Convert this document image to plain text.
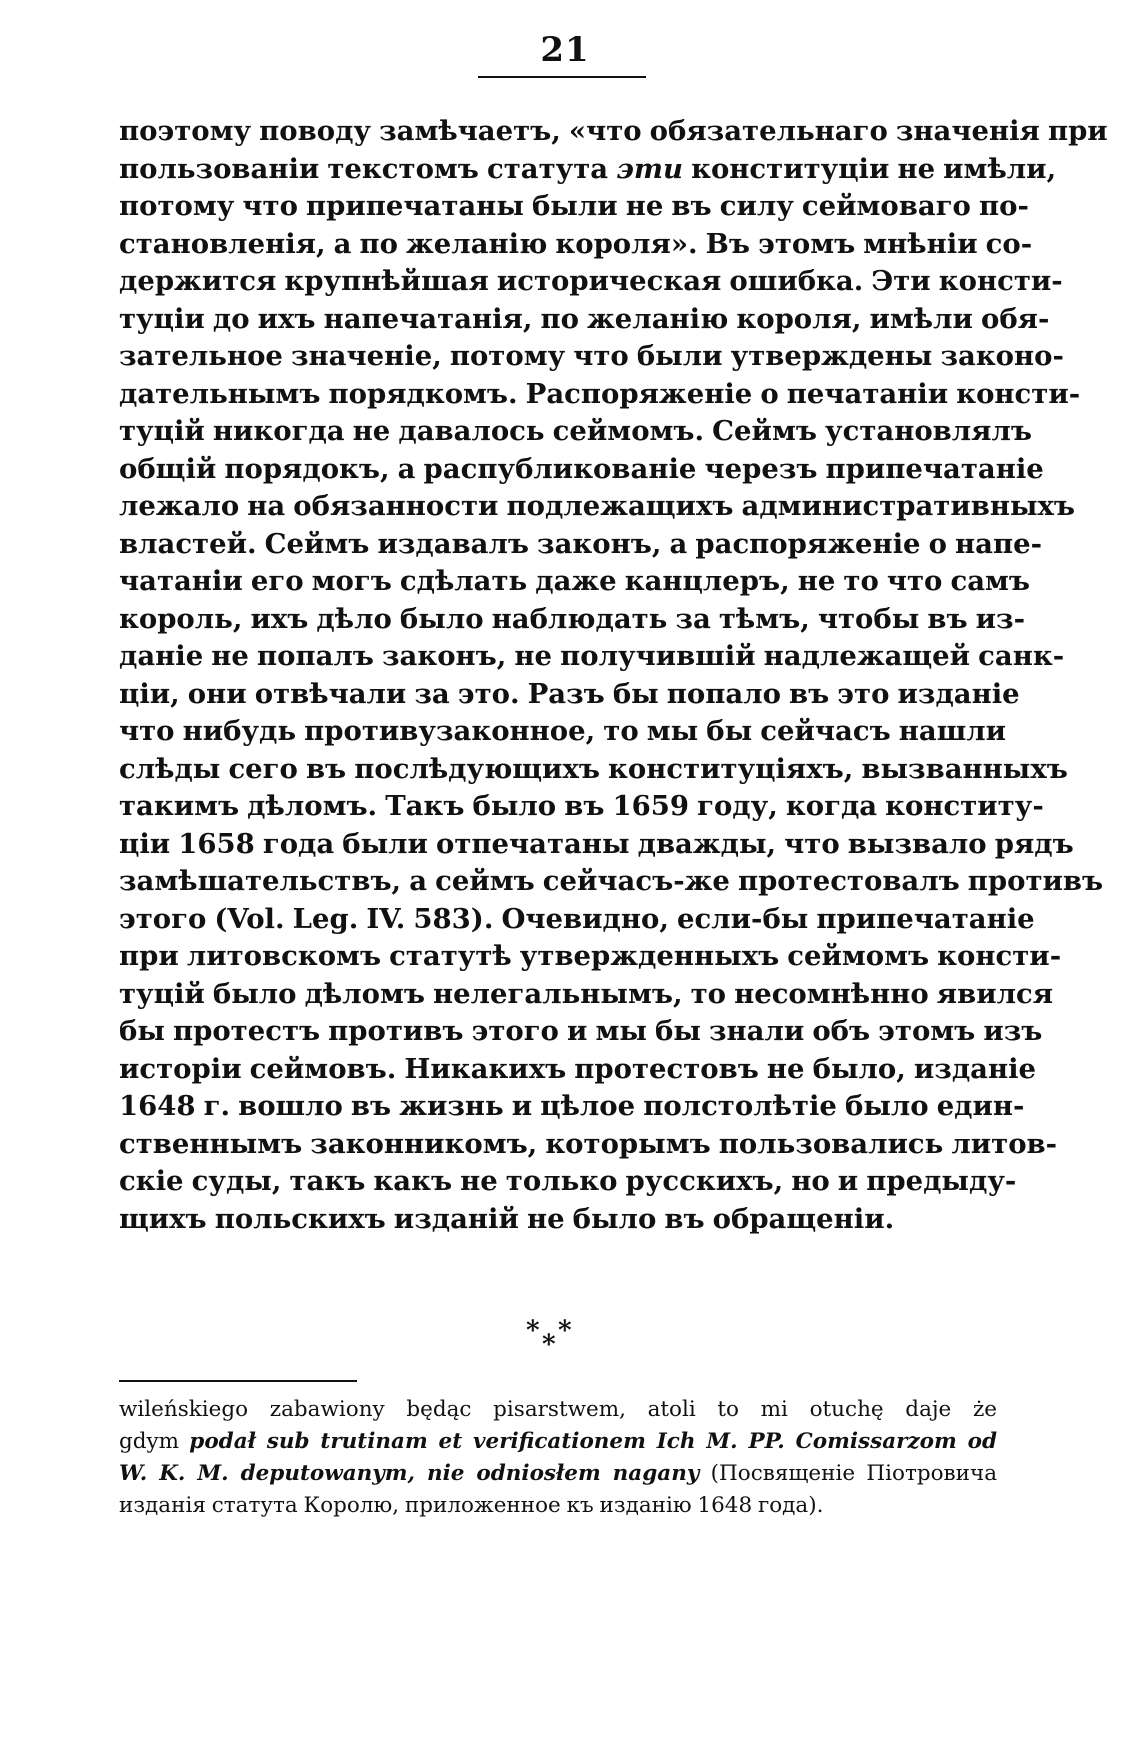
21
поэтому поводу замѣчаетъ, «что обязательнаго значенія при
пользованіи текстомъ статута эти конституціи не имѣли,
потому что припечатаны были не въ силу сеймоваго по-
становленія, а по желанію короля». Въ этомъ мнѣніи со-
держится крупнѣйшая историческая ошибка. Эти консти-
туціи до ихъ напечатанія, по желанію короля, имѣли обя-
зательное значеніе, потому что были утверждены законо-
дательнымъ порядкомъ. Распоряженіе о печатаніи консти-
туцій никогда не давалось сеймомъ. Сеймъ установлялъ
общій порядокъ, а распубликованіе черезъ припечатаніе
лежало на обязанности подлежащихъ административныхъ
властей. Сеймъ издавалъ законъ, а распоряженіе о напе-
чатаніи его могъ сдѣлать даже канцлеръ, не то что самъ
король, ихъ дѣло было наблюдать за тѣмъ, чтобы въ из-
даніе не попалъ законъ, не получившій надлежащей санк-
ціи, они отвѣчали за это. Разъ бы попало въ это изданіе
что нибудь противузаконное, то мы бы сейчасъ нашли
слѣды сего въ послѣдующихъ конституціяхъ, вызванныхъ
такимъ дѣломъ. Такъ было въ 1659 году, когда конститу-
ціи 1658 года были отпечатаны дважды, что вызвало рядъ
замѣшательствъ, а сеймъ сейчасъ-же протестовалъ противъ
этого (Vol. Leg. IV. 583). Очевидно, если-бы припечатаніе
при литовскомъ статутѣ утвержденныхъ сеймомъ консти-
туцій было дѣломъ нелегальнымъ, то несомнѣнно явился
бы протестъ противъ этого и мы бы знали объ этомъ изъ
исторіи сеймовъ. Никакихъ протестовъ не было, изданіе
1648 г. вошло въ жизнь и цѣлое полстолѣтіе было един-
ственнымъ законникомъ, которымъ пользовались литов-
скіе суды, такъ какъ не только русскихъ, но и предыду-
щихъ польскихъ изданій не было въ обращеніи.
* *
*
wileńskiego zabawiony będąc pisarstwem, atoli to mi otuchę daje że
gdym podał sub trutinam et verificationem Ich M. PP. Comissarzom od
W. K. M. deputowanym, nie odniosłem nagany (Посвященіе Піотровича
изданія статута Королю, приложенное къ изданію 1648 года).
